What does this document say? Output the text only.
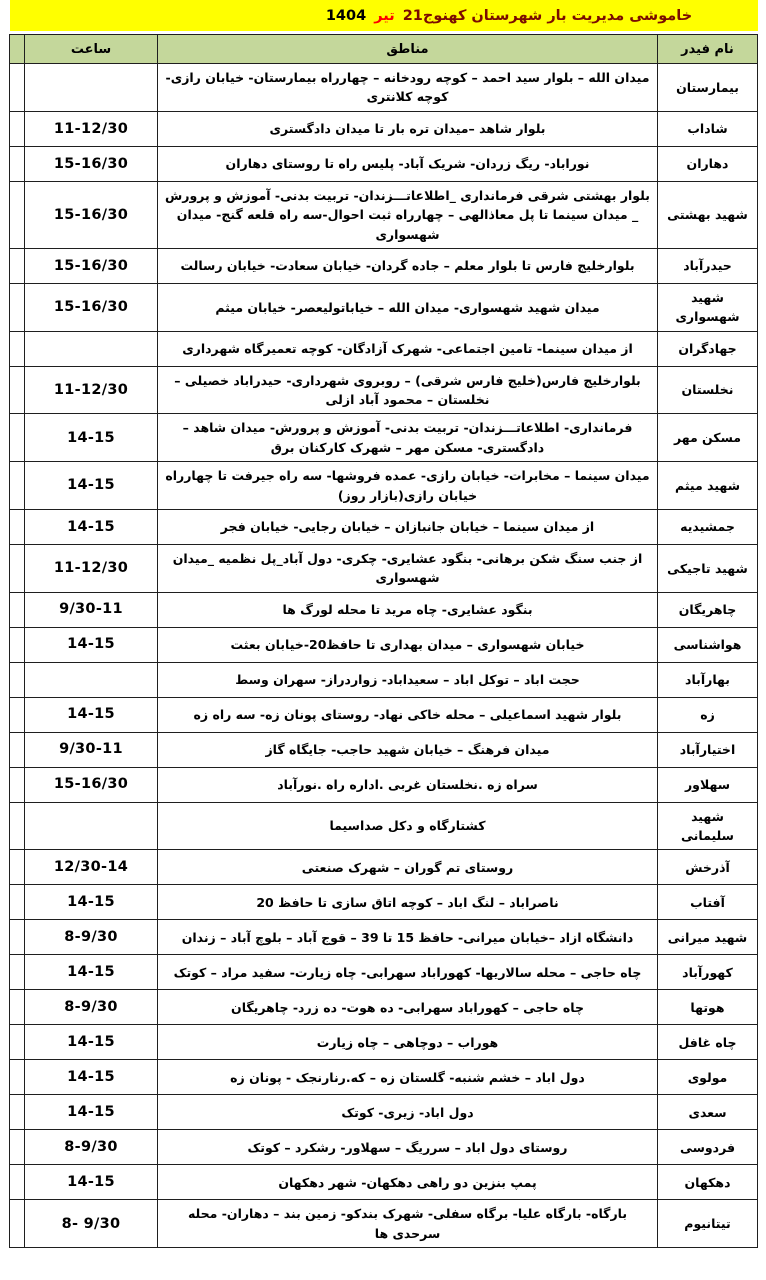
خاموشی مدیریت بار شهرستان کهنوج21 تیر 1404
نام فیدر	مناطق	ساعت	
بیمارستان	میدان الله – بلوار سید احمد – کوچه رودخانه – چهارراه بیمارستان- خیابان رازی- کوچه کلانتری		
شاداب	بلوار شاهد –میدان تره بار تا میدان دادگستری	11-12/30	
دهاران	نوراباد- ریگ زردان- شریک آباد- پلیس راه تا روستای دهاران	15-16/30	
شهید بهشتی	بلوار بهشتی شرقی فرمانداری _اطلاعاتـــزندان- تربیت بدنی- آموزش و پرورش _ میدان سینما تا پل معاذالهی – چهارراه ثبت احوال-سه راه قلعه گنج- میدان شهسواری	15-16/30	
حیدرآباد	بلوارخلیج فارس تا بلوار معلم – جاده گردان- خیابان سعادت- خیابان رسالت	15-16/30	
شهید شهسواری	میدان شهید شهسواری- میدان الله – خیاباتولیعصر- خیابان میثم	15-16/30	
جهادگران	از میدان سینما- تامین اجتماعی- شهرک آزادگان- کوچه تعمیرگاه شهرداری		
نخلستان	بلوارخلیج فارس(خلیج فارس شرقی) – روبروی شهرداری- حیدراباد خصیلی – نخلستان – محمود آباد ازلی	11-12/30	
مسکن مهر	فرمانداری- اطلاعاتـــزندان- تربیت بدنی- آموزش و پرورش- میدان شاهد – دادگستری- مسکن مهر – شهرک کارکنان برق	14-15	
شهید میثم	میدان سینما – مخابرات- خیابان رازی- عمده فروشها- سه راه جیرفت تا چهارراه خیابان رازی(بازار روز)	14-15	
جمشیدیه	از میدان سینما – خیابان جانبازان – خیابان رجایی- خیابان فجر	14-15	
شهید تاجیکی	از جنب سنگ شکن برهانی- بنگود عشایری- چکری- دول آباد_پل نظمیه _میدان شهسواری	11-12/30	
چاهریگان	بنگود عشایری- چاه مرید تا محله لورگ ها	9/30-11	
هواشناسی	خیابان شهسواری – میدان بهداری تا حافظ20-خیابان بعثت	14-15	
بهارآباد	حجت اباد – توکل اباد – سعیداباد- زواردراز- سهران وسط		
زه	بلوار شهید اسماعیلی – محله خاکی نهاد- روستای پونان زه- سه راه زه	14-15	
اختیارآباد	میدان فرهنگ – خیابان شهید حاجب- جایگاه گاز	9/30-11	
سهلاور	سراه زه .نخلستان غربی .اداره راه .نورآباد	15-16/30	
شهید سلیمانی	کشتارگاه و دکل صداسیما		
آذرخش	روستای تم گوران – شهرک صنعتی	12/30-14	
آفتاب	ناصراباد – لنگ اباد – کوچه اتاق سازی تا حافظ 20	14-15	
شهید میرانی	دانشگاه ازاد –خیابان میرانی- حافظ 15 تا 39 – قوج آباد – بلوچ آباد – زندان	8-9/30	
کهورآباد	چاه حاجی – محله سالاریها- کهوراباد سهرابی- چاه زیارت- سفید مراد – کوتک	14-15	
هوتها	چاه حاجی – کهوراباد سهرابی- ده هوت- ده زرد- چاهریگان	8-9/30	
چاه غافل	هوراب – دوچاهی – چاه زیارت	14-15	
مولوی	دول اباد – خشم شنبه- گلستان زه – که.رنارنجک - پونان زه	14-15	
سعدی	دول اباد- زیری- کوتک	14-15	
فردوسی	روستای دول اباد – سرریگ – سهلاور- رشکرد – کوتک	8-9/30	
دهکهان	پمپ بنزین دو راهی دهکهان- شهر دهکهان	14-15	
تیتانیوم	بارگاه- بارگاه علیا- برگاه سفلی- شهرک بندکو- زمین بند – دهاران- محله سرحدی ها	8- 9/30	
